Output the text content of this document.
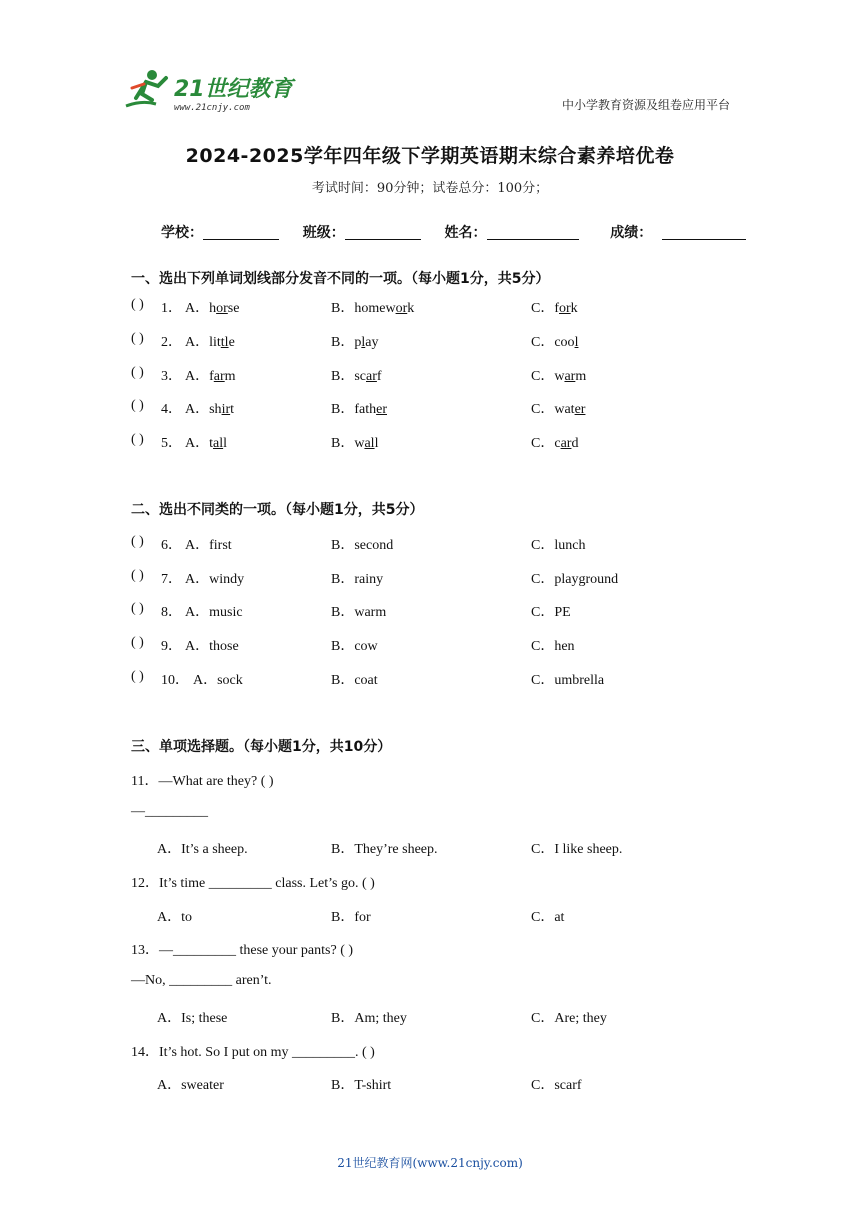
21世纪教育
www.21cnjy.com	中小学教育资源及组卷应用平台
2024-2025学年四年级下学期英语期末综合素养培优卷
考试时间：90分钟；试卷总分：100分；
学校：	班级：	姓名：	成绩：
一、选出下列单词划线部分发音不同的一项。（每小题1分，共5分）
( ) 1． A．horse	B．homework	C．fork
( ) 2． A．little	B．play	C．cool
( ) 3． A．farm	B．scarf	C．warm
( ) 4． A．shirt	B．father	C．water
( ) 5． A．tall	B．wall	C．card
二、选出不同类的一项。（每小题1分，共5分）
( ) 6． A．first	B．second	C．lunch
( ) 7． A．windy	B．rainy	C．playground
( ) 8． A．music	B．warm	C．PE
( ) 9． A．those	B．cow	C．hen
( ) 10． A．sock	B．coat	C．umbrella
三、单项选择题。（每小题1分，共10分）
11．—What are they? ( )
—_________
A．It’s a sheep.	B．They’re sheep.	C．I like sheep.
12．It’s time _________ class. Let’s go. ( )
A．to	B．for	C．at
13．—_________ these your pants? ( )
—No, _________ aren’t.
A．Is; these	B．Am; they	C．Are; they
14．It’s hot. So I put on my _________. ( )
A．sweater	B．T-shirt	C．scarf
21世纪教育网(www.21cnjy.com)
